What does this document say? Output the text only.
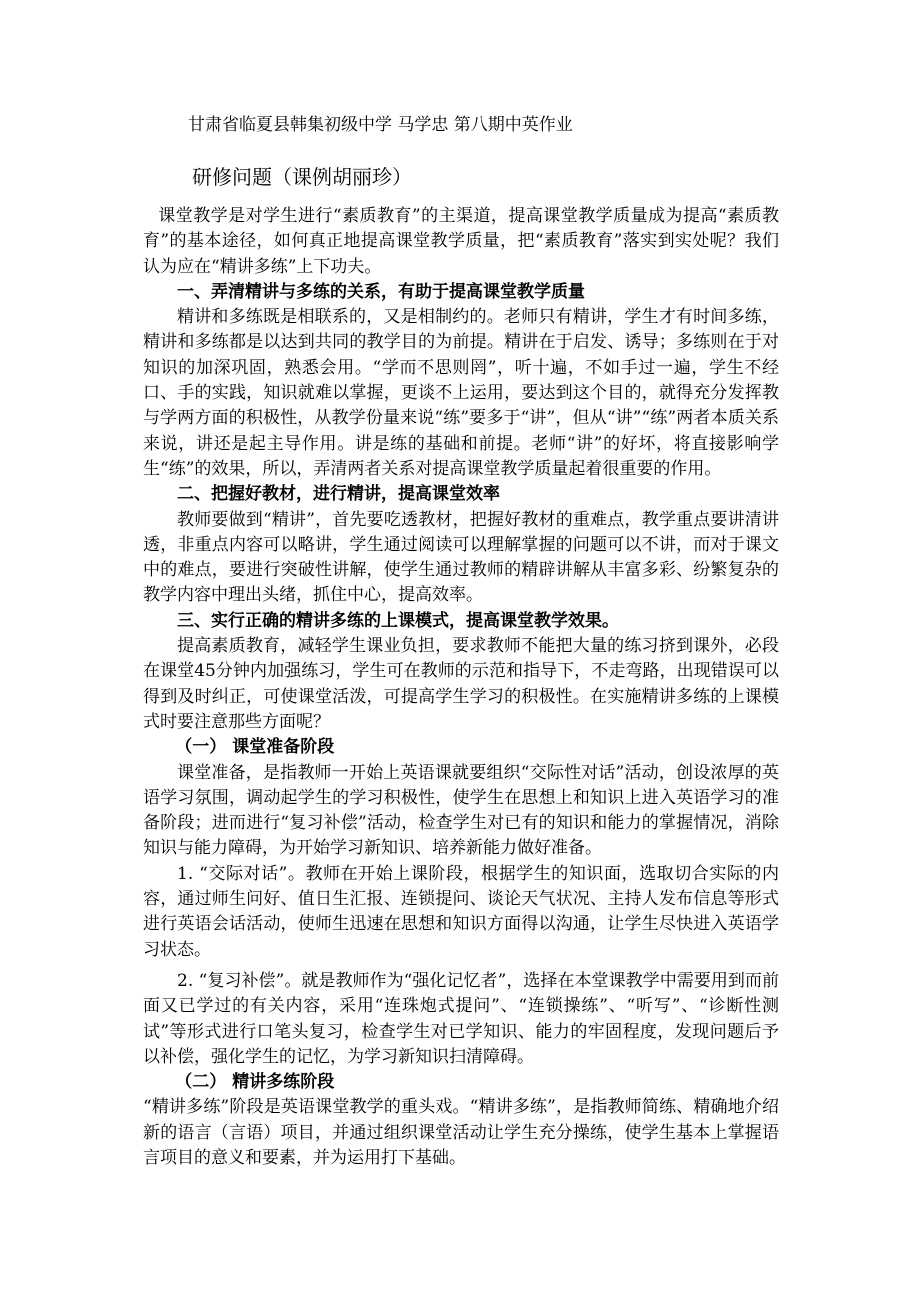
甘肃省临夏县韩集初级中学 马学忠 第八期中英作业
研修问题（课例胡丽珍）

课堂教学是对学生进行“素质教育”的主渠道，提高课堂教学质量成为提高“素质教育”的基本途径，如何真正地提高课堂教学质量，把“素质教育”落实到实处呢？我们认为应在“精讲多练”上下功夫。

一、弄清精讲与多练的关系，有助于提高课堂教学质量

精讲和多练既是相联系的，又是相制约的。老师只有精讲，学生才有时间多练，精讲和多练都是以达到共同的教学目的为前提。精讲在于启发、诱导；多练则在于对知识的加深巩固，熟悉会用。“学而不思则罔”，听十遍，不如手过一遍，学生不经口、手的实践，知识就难以掌握，更谈不上运用，要达到这个目的，就得充分发挥教与学两方面的积极性，从教学份量来说“练”要多于“讲”，但从“讲”“练”两者本质关系来说，讲还是起主导作用。讲是练的基础和前提。老师“讲”的好坏，将直接影响学生“练”的效果，所以，弄清两者关系对提高课堂教学质量起着很重要的作用。

二、把握好教材，进行精讲，提高课堂效率

教师要做到“精讲”，首先要吃透教材，把握好教材的重难点，教学重点要讲清讲透，非重点内容可以略讲，学生通过阅读可以理解掌握的问题可以不讲，而对于课文中的难点，要进行突破性讲解，使学生通过教师的精辟讲解从丰富多彩、纷繁复杂的教学内容中理出头绪，抓住中心，提高效率。

三、实行正确的精讲多练的上课模式，提高课堂教学效果。

提高素质教育，减轻学生课业负担，要求教师不能把大量的练习挤到课外，必段在课堂45分钟内加强练习，学生可在教师的示范和指导下，不走弯路，出现错误可以得到及时纠正，可使课堂活泼，可提高学生学习的积极性。在实施精讲多练的上课模式时要注意那些方面呢？

（一） 课堂准备阶段

课堂准备，是指教师一开始上英语课就要组织“交际性对话”活动，创设浓厚的英语学习氛围，调动起学生的学习积极性，使学生在思想上和知识上进入英语学习的准备阶段；进而进行“复习补偿”活动，检查学生对已有的知识和能力的掌握情况，消除知识与能力障碍，为开始学习新知识、培养新能力做好准备。

1. “交际对话”。教师在开始上课阶段，根据学生的知识面，选取切合实际的内容，通过师生问好、值日生汇报、连锁提问、谈论天气状况、主持人发布信息等形式进行英语会话活动，使师生迅速在思想和知识方面得以沟通，让学生尽快进入英语学习状态。

2. “复习补偿”。就是教师作为“强化记忆者”，选择在本堂课教学中需要用到而前面又已学过的有关内容，采用“连珠炮式提问”、“连锁操练”、“听写”、“诊断性测试”等形式进行口笔头复习，检查学生对已学知识、能力的牢固程度，发现问题后予以补偿，强化学生的记忆，为学习新知识扫清障碍。

（二） 精讲多练阶段

“精讲多练”阶段是英语课堂教学的重头戏。“精讲多练”，是指教师简练、精确地介绍新的语言（言语）项目，并通过组织课堂活动让学生充分操练，使学生基本上掌握语言项目的意义和要素，并为运用打下基础。
